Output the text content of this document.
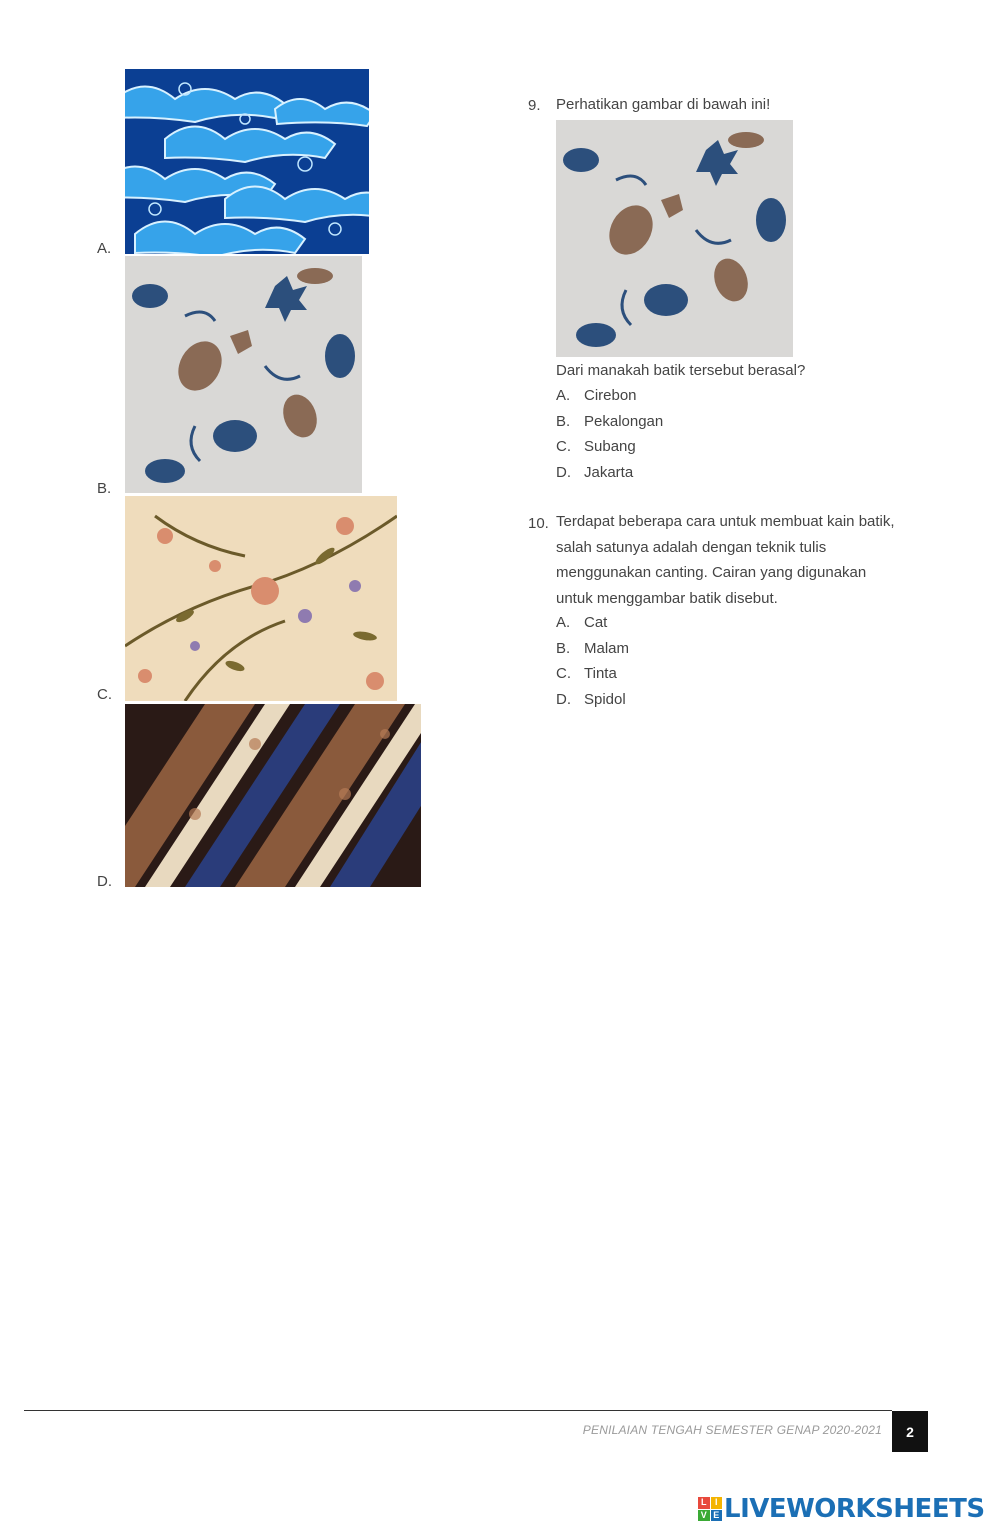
A.
B.
C.
D.
9. Perhatikan gambar di bawah ini!
Dari manakah batik tersebut berasal?
A. Cirebon
B. Pekalongan
C. Subang
D. Jakarta
10. Terdapat beberapa cara untuk membuat kain batik,
salah satunya adalah dengan teknik tulis
menggunakan canting. Cairan yang digunakan
untuk menggambar batik disebut.
A. Cat
B. Malam
C. Tinta
D. Spidol
PENILAIAN TENGAH SEMESTER GENAP 2020-2021	2
L I
V E LIVEWORKSHEETS
